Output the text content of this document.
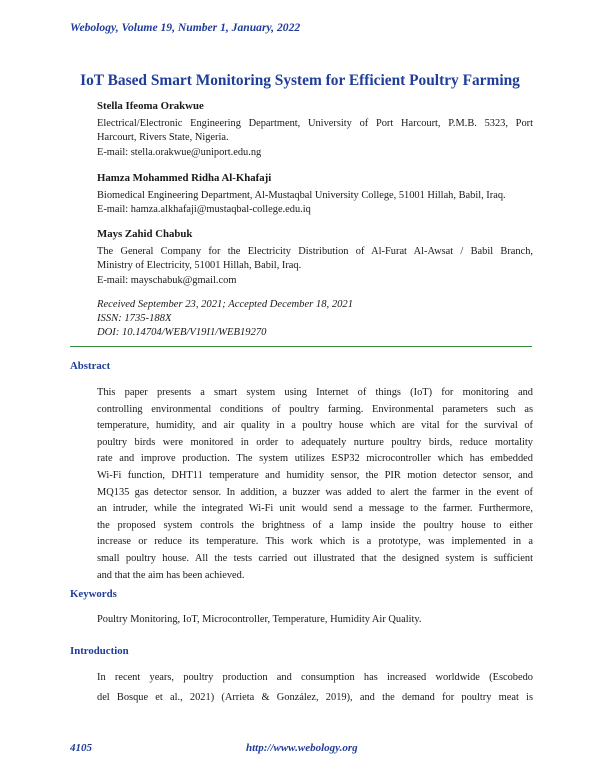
Webology, Volume 19, Number 1, January, 2022
IoT Based Smart Monitoring System for Efficient Poultry Farming
Stella Ifeoma Orakwue
Electrical/Electronic Engineering Department, University of Port Harcourt, P.M.B. 5323, Port
Harcourt, Rivers State, Nigeria.
E-mail: stella.orakwue@uniport.edu.ng
Hamza Mohammed Ridha Al-Khafaji
Biomedical Engineering Department, Al-Mustaqbal University College, 51001 Hillah, Babil, Iraq.
E-mail: hamza.alkhafaji@mustaqbal-college.edu.iq
Mays Zahid Chabuk
The General Company for the Electricity Distribution of Al-Furat Al-Awsat / Babil Branch,
Ministry of Electricity, 51001 Hillah, Babil, Iraq.
E-mail: mayschabuk@gmail.com
Received September 23, 2021; Accepted December 18, 2021
ISSN: 1735-188X
DOI: 10.14704/WEB/V19I1/WEB19270
Abstract
This paper presents a smart system using Internet of things (IoT) for monitoring and
controlling environmental conditions of poultry farming. Environmental parameters such as
temperature, humidity, and air quality in a poultry house which are vital for the survival of
poultry birds were monitored in order to adequately nurture poultry birds, reduce mortality
rate and improve production. The system utilizes ESP32 microcontroller which has embedded
Wi-Fi function, DHT11 temperature and humidity sensor, the PIR motion detector sensor, and
MQ135 gas detector sensor. In addition, a buzzer was added to alert the farmer in the event of
an intruder, while the integrated Wi-Fi unit would send a message to the farmer. Furthermore,
the proposed system controls the brightness of a lamp inside the poultry house to either
increase or reduce its temperature. This work which is a prototype, was implemented in a
small poultry house. All the tests carried out illustrated that the designed system is sufficient
and that the aim has been achieved.
Keywords
Poultry Monitoring, IoT, Microcontroller, Temperature, Humidity Air Quality.
Introduction
In recent years, poultry production and consumption has increased worldwide (Escobedo
del Bosque et al., 2021) (Arrieta & González, 2019), and the demand for poultry meat is
4105	http://www.webology.org
